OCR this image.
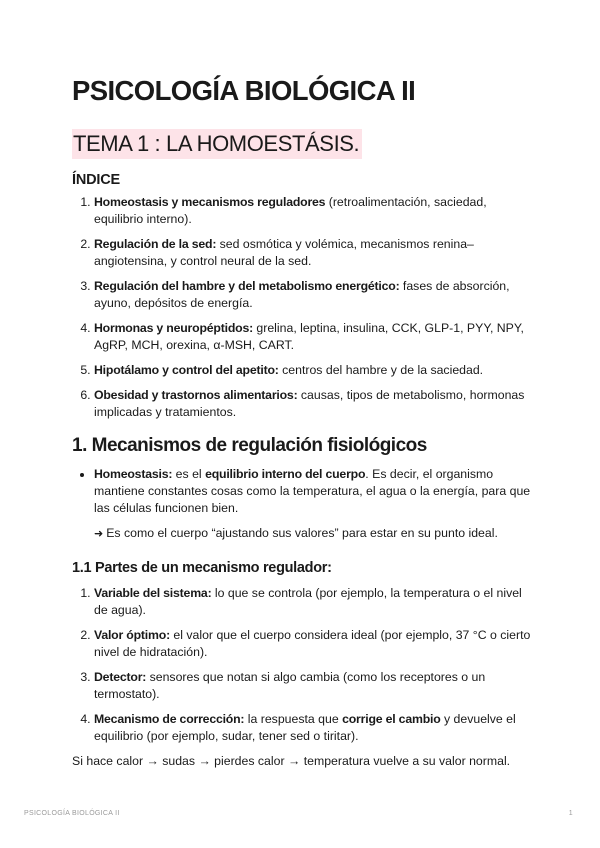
PSICOLOGÍA BIOLÓGICA II
TEMA 1 : LA HOMOESTÁSIS.
ÍNDICE
1. Homeostasis y mecanismos reguladores (retroalimentación, saciedad, equilibrio interno).
2. Regulación de la sed: sed osmótica y volémica, mecanismos renina–angiotensina, y control neural de la sed.
3. Regulación del hambre y del metabolismo energético: fases de absorción, ayuno, depósitos de energía.
4. Hormonas y neuropéptidos: grelina, leptina, insulina, CCK, GLP-1, PYY, NPY, AgRP, MCH, orexina, α-MSH, CART.
5. Hipotálamo y control del apetito: centros del hambre y de la saciedad.
6. Obesidad y trastornos alimentarios: causas, tipos de metabolismo, hormonas implicadas y tratamientos.
1. Mecanismos de regulación fisiológicos
• Homeostasis: es el equilibrio interno del cuerpo. Es decir, el organismo mantiene constantes cosas como la temperatura, el agua o la energía, para que las células funcionen bien.
➜ Es como el cuerpo “ajustando sus valores” para estar en su punto ideal.
1.1 Partes de un mecanismo regulador:
1. Variable del sistema: lo que se controla (por ejemplo, la temperatura o el nivel de agua).
2. Valor óptimo: el valor que el cuerpo considera ideal (por ejemplo, 37 °C o cierto nivel de hidratación).
3. Detector: sensores que notan si algo cambia (como los receptores o un termostato).
4. Mecanismo de corrección: la respuesta que corrige el cambio y devuelve el equilibrio (por ejemplo, sudar, tener sed o tiritar).

Si hace calor → sudas → pierdes calor → temperatura vuelve a su valor normal.

PSICOLOGÍA BIOLÓGICA II	1
